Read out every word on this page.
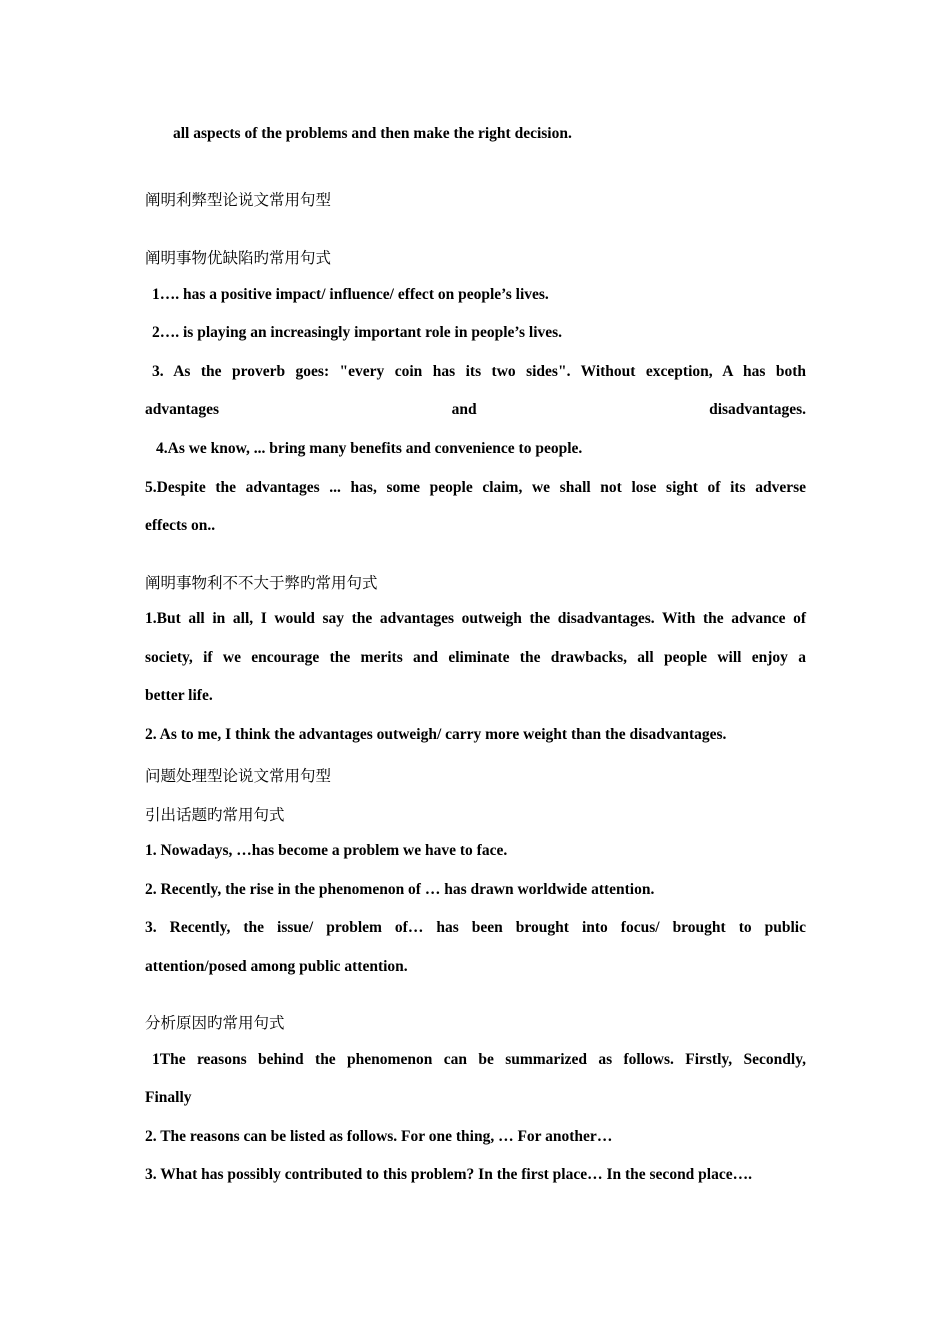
all aspects of the problems and then make the right decision.
阐明利弊型论说文常用句型
阐明事物优缺陷旳常用句式
1…. has a positive impact/ influence/ effect on people’s lives.
2…. is playing an increasingly important role in people’s lives.
3. As the proverb goes: "every coin has its two sides". Without exception, A has both
advantages and disadvantages.
4.As we know, ... bring many benefits and convenience to people.
5.Despite the advantages ... has, some people claim, we shall not lose sight of its adverse
effects on..
阐明事物利不不大于弊旳常用句式
1.But all in all, I would say the advantages outweigh the disadvantages. With the advance of
society, if we encourage the merits and eliminate the drawbacks, all people will enjoy a
better life.
2. As to me, I think the advantages outweigh/ carry more weight than the disadvantages.
问题处理型论说文常用句型
引出话题旳常用句式
1. Nowadays, …has become a problem we have to face.
2. Recently, the rise in the phenomenon of … has drawn worldwide attention.
3. Recently, the issue/ problem of… has been brought into focus/ brought to public
attention/posed among public attention.
分析原因旳常用句式
1The reasons behind the phenomenon can be summarized as follows. Firstly, Secondly,
Finally
2. The reasons can be listed as follows. For one thing, … For another…
3. What has possibly contributed to this problem? In the first place… In the second place….
